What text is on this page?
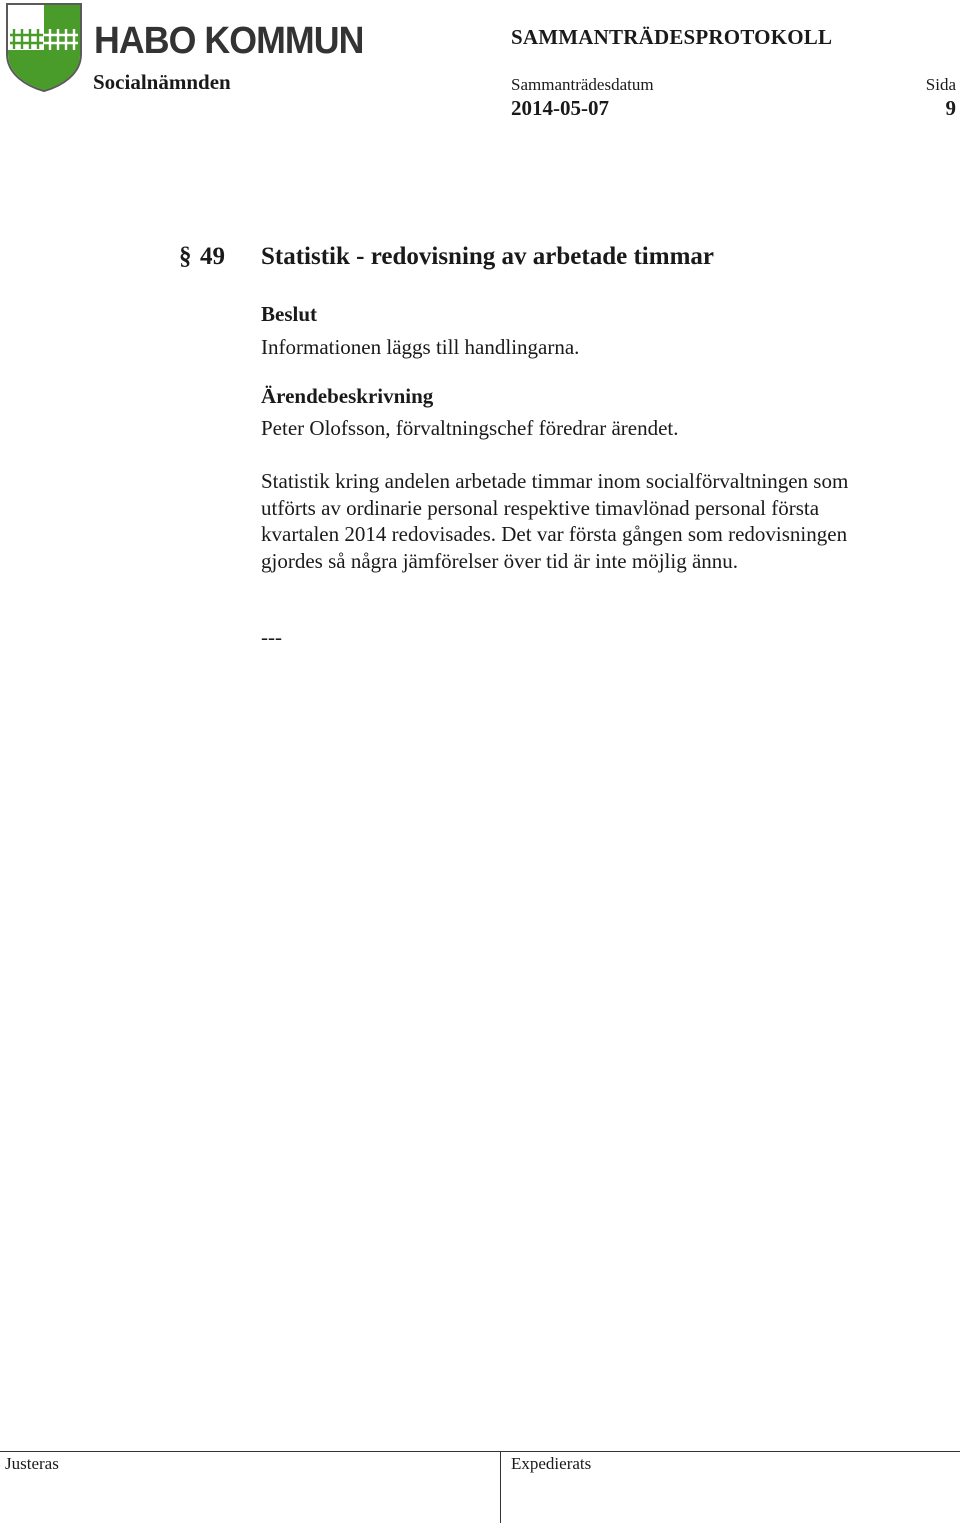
HABO KOMMUN
Socialnämnden
SAMMANTRÄDESPROTOKOLL
Sammanträdesdatum	Sida
2014-05-07	9
§ 49 Statistik - redovisning av arbetade timmar
Beslut
Informationen läggs till handlingarna.
Ärendebeskrivning
Peter Olofsson, förvaltningschef föredrar ärendet.
Statistik kring andelen arbetade timmar inom socialförvaltningen som
utförts av ordinarie personal respektive timavlönad personal första
kvartalen 2014 redovisades. Det var första gången som redovisningen
gjordes så några jämförelser över tid är inte möjlig ännu.
---
Justeras	Expedierats
